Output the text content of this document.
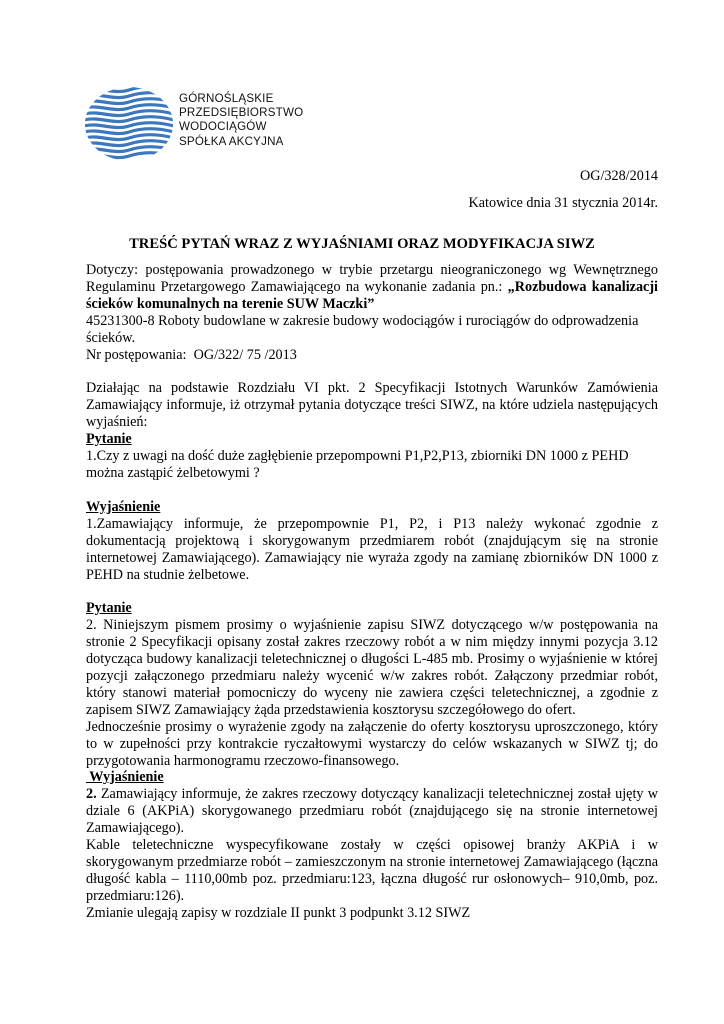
GÓRNOŚLĄSKIE
PRZEDSIĘBIORSTWO
WODOCIĄGÓW
SPÓŁKA AKCYJNA
OG/328/2014
Katowice dnia 31 stycznia 2014r.
TREŚĆ PYTAŃ WRAZ Z WYJAŚNIAMI ORAZ MODYFIKACJA SIWZ

Dotyczy: postępowania prowadzonego w trybie przetargu nieograniczonego wg Wewnętrznego Regulaminu Przetargowego Zamawiającego na wykonanie zadania pn.: „Rozbudowa kanalizacji ścieków komunalnych na terenie SUW Maczki”

45231300-8 Roboty budowlane w zakresie budowy wodociągów i rurociągów do odprowadzenia ścieków.

Nr postępowania:  OG/322/ 75 /2013

Działając na podstawie Rozdziału VI pkt. 2 Specyfikacji Istotnych Warunków Zamówienia Zamawiający informuje, iż otrzymał pytania dotyczące treści SIWZ, na które udziela następujących wyjaśnień:

Pytanie

1.Czy z uwagi na dość duże zagłębienie przepompowni P1,P2,P13, zbiorniki DN 1000 z PEHD można zastąpić żelbetowymi ?

Wyjaśnienie

1.Zamawiający informuje, że przepompownie P1, P2, i P13 należy wykonać zgodnie z dokumentacją projektową i skorygowanym przedmiarem robót (znajdującym się na stronie internetowej Zamawiającego). Zamawiający nie wyraża zgody na zamianę zbiorników DN 1000 z PEHD na studnie żelbetowe.

Pytanie

2. Niniejszym pismem prosimy o wyjaśnienie zapisu SIWZ dotyczącego w/w postępowania na stronie 2 Specyfikacji opisany został zakres rzeczowy robót a w nim między innymi pozycja 3.12 dotycząca budowy kanalizacji teletechnicznej o długości L-485 mb. Prosimy o wyjaśnienie w której pozycji załączonego przedmiaru należy wycenić w/w zakres robót. Załączony przedmiar robót, który stanowi materiał pomocniczy do wyceny nie zawiera części teletechnicznej, a zgodnie z zapisem SIWZ Zamawiający żąda przedstawienia kosztorysu szczegółowego do ofert.

Jednocześnie prosimy o wyrażenie zgody na załączenie do oferty kosztorysu uproszczonego, który to w zupełności przy kontrakcie ryczałtowymi wystarczy do celów wskazanych w SIWZ tj; do przygotowania harmonogramu rzeczowo-finansowego.

Wyjaśnienie

2. Zamawiający informuje, że zakres rzeczowy dotyczący kanalizacji teletechnicznej został ujęty w dziale 6 (AKPiA) skorygowanego przedmiaru robót (znajdującego się na stronie internetowej Zamawiającego).

Kable teletechniczne wyspecyfikowane zostały w części opisowej branży AKPiA i w skorygowanym przedmiarze robót – zamieszczonym na stronie internetowej Zamawiającego (łączna długość kabla – 1110,00mb poz. przedmiaru:123, łączna długość rur osłonowych– 910,0mb, poz. przedmiaru:126).

Zmianie ulegają zapisy w rozdziale II punkt 3 podpunkt 3.12 SIWZ
